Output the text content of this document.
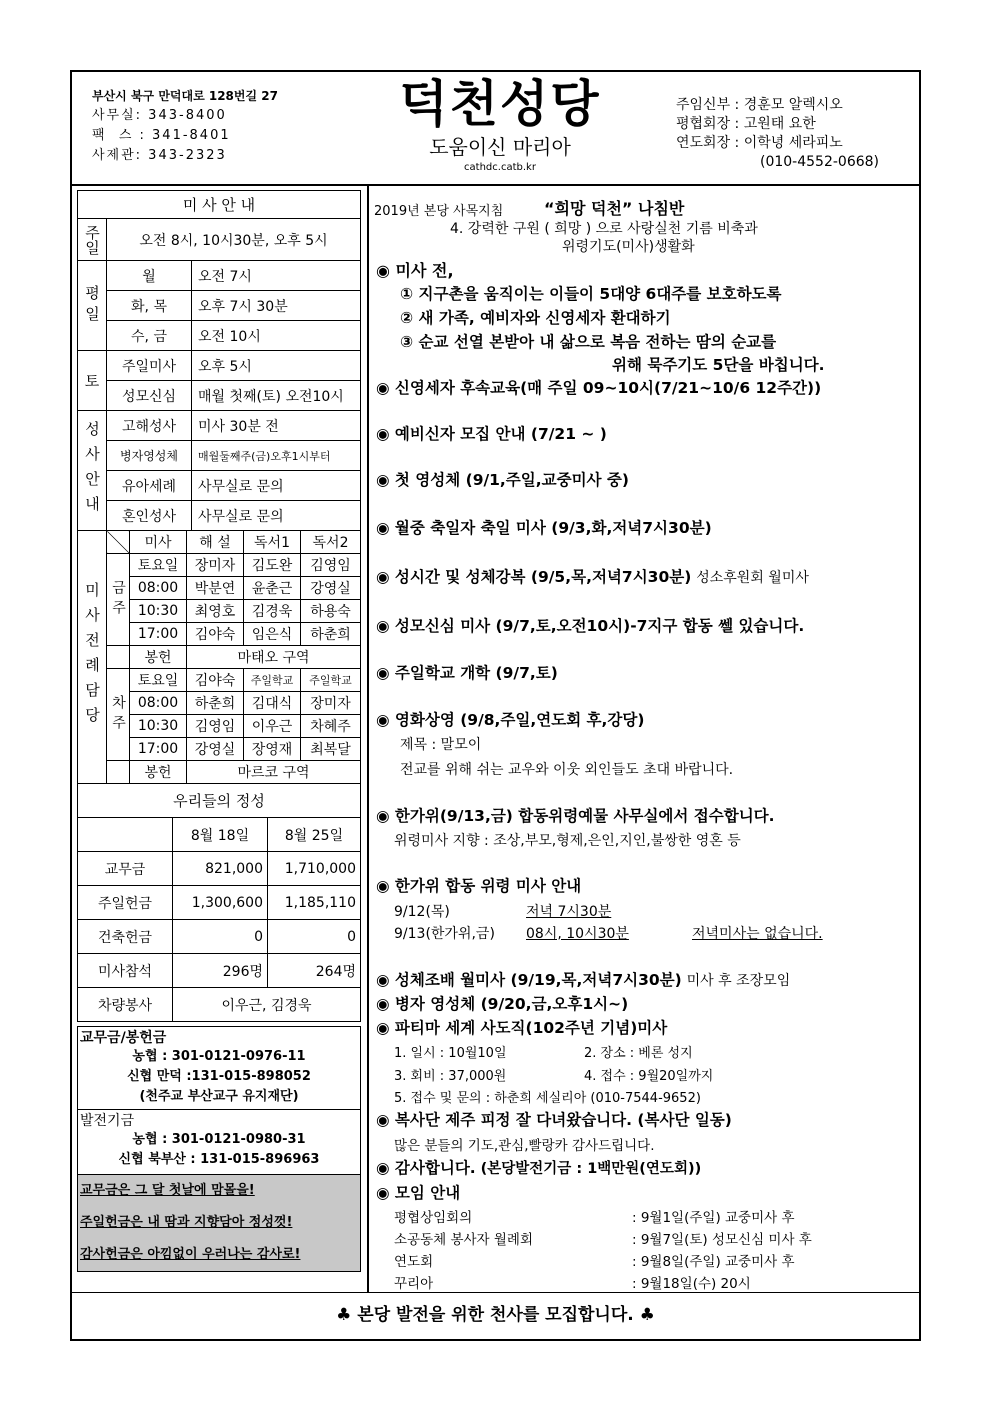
부산시 북구 만덕대로 128번길 27
사무실: 343-8400
팩  스 : 341-8401
사제관: 343-2323
덕천성당
도움이신 마리아
cathdc.catb.kr
주임신부 : 경훈모 알렉시오
평협회장 : 고원태 요한
연도회장 : 이학녕 세라피노
(010-4552-0668)
미 사 안 내		
주일	오전 8시, 10시30분, 오후 5시	
평일	월	오전 7시
	화, 목	오후 7시 30분
	수, 금	오전 10시
토	주일미사	오후 5시
	성모신심	매월 첫째(토) 오전10시
성사안내	고해성사	미사 30분 전
	병자영성체	매월둘째주(금)오후1시부터
	유아세례	사무실로 문의
	혼인성사	사무실로 문의
미사전례담당		미사	해 설	독서1	독서2
	금주	토요일	장미자	김도완	김영임
		08:00	박분연	윤춘근	강영실
		10:30	최영호	김경욱	하용숙
		17:00	김야숙	임은식	하춘희
		봉헌	마태오 구역		
	차주	토요일	김야숙	주일학교	주일학교
		08:00	하춘희	김대식	장미자
		10:30	김영임	이우근	차혜주
		17:00	강영실	장영재	최복달
		봉헌	마르코 구역		
우리들의 정성		
	8월 18일	8월 25일
교무금	821,000	1,710,000
주일헌금	1,300,600	1,185,110
건축헌금	0	0
미사참석	296명	264명
차량봉사	이우근, 김경욱	
교무금/봉헌금
농협 : 301-0121-0976-11
신협 만덕 :131-015-898052
(천주교 부산교구 유지재단)
발전기금
농협 : 301-0121-0980-31
신협 북부산 : 131-015-896963
교무금은 그 달 첫날에 맘몰을!
주일헌금은 내 땀과 지향담아 정성껏!
감사헌금은 아낌없이 우러나는 감사로!
2019년 본당 사목지침	“희망 덕천” 나침반
4. 강력한 구원 ( 희망 ) 으로 사랑실천 기름 비축과
위령기도(미사)생활화
◉ 미사 전,
① 지구촌을 움직이는 이들이 5대양 6대주를 보호하도록
② 새 가족, 예비자와 신영세자 환대하기
③ 순교 선열 본받아 내 삶으로 복음 전하는 땀의 순교를
위해 묵주기도 5단을 바칩니다.
◉ 신영세자 후속교육(매 주일 09~10시(7/21~10/6 12주간))
◉ 예비신자 모집 안내 (7/21 ~ )
◉ 첫 영성체 (9/1,주일,교중미사 중)
◉ 월중 축일자 축일 미사 (9/3,화,저녁7시30분)
◉ 성시간 및 성체강복 (9/5,목,저녁7시30분) 성소후원회 월미사
◉ 성모신심 미사 (9/7,토,오전10시)-7지구 합동 쎌 있습니다.
◉ 주일학교 개학 (9/7,토)
◉ 영화상영 (9/8,주일,연도회 후,강당)
제목 : 말모이
전교를 위해 쉬는 교우와 이웃 외인들도 초대 바랍니다.
◉ 한가위(9/13,금) 합동위령예물 사무실에서 접수합니다.
위령미사 지향 : 조상,부모,형제,은인,지인,불쌍한 영혼 등
◉ 한가위 합동 위령 미사 안내
9/12(목)	저녁 7시30분
9/13(한가위,금) 08시, 10시30분	저녁미사는 없습니다.
◉ 성체조배 월미사 (9/19,목,저녁7시30분) 미사 후 조장모임
◉ 병자 영성체 (9/20,금,오후1시~)
◉ 파티마 세계 사도직(102주년 기념)미사
1. 일시 : 10월10일	2. 장소 : 베론 성지
3. 회비 : 37,000원	4. 접수 : 9월20일까지
5. 접수 및 문의 : 하춘희 세실리아 (010-7544-9652)
◉ 복사단 제주 피정 잘 다녀왔습니다. (복사단 일동)
많은 분들의 기도,관심,빨랑카 감사드립니다.
◉ 감사합니다. (본당발전기금 : 1백만원(연도회))
◉ 모임 안내
평협상임회의	: 9월1일(주일) 교중미사 후
소공동체 봉사자 월례회	: 9월7일(토) 성모신심 미사 후
연도회	: 9월8일(주일) 교중미사 후
꾸리아	: 9월18일(수) 20시
♣ 본당 발전을 위한 천사를 모집합니다. ♣
